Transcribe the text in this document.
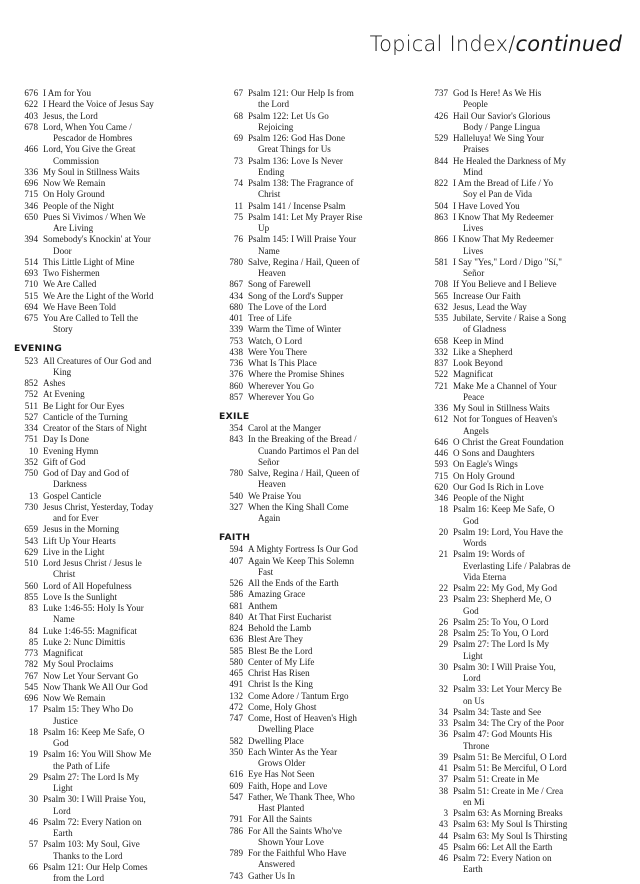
Topical Index/continued
676 I Am for You
622 I Heard the Voice of Jesus Say
403 Jesus, the Lord
678 Lord, When You Came /
Pescador de Hombres
466 Lord, You Give the Great
Commission
336 My Soul in Stillness Waits
696 Now We Remain
715 On Holy Ground
346 People of the Night
650 Pues Si Vivimos / When We
Are Living
394 Somebody's Knockin' at Your
Door
514 This Little Light of Mine
693 Two Fishermen
710 We Are Called
515 We Are the Light of the World
694 We Have Been Told
675 You Are Called to Tell the
Story
EVENING
523 All Creatures of Our God and
King
852 Ashes
752 At Evening
511 Be Light for Our Eyes
527 Canticle of the Turning
334 Creator of the Stars of Night
751 Day Is Done
10 Evening Hymn
352 Gift of God
750 God of Day and God of
Darkness
13 Gospel Canticle
730 Jesus Christ, Yesterday, Today
and for Ever
659 Jesus in the Morning
543 Lift Up Your Hearts
629 Live in the Light
510 Lord Jesus Christ / Jesus le
Christ
560 Lord of All Hopefulness
855 Love Is the Sunlight
83 Luke 1:46-55: Holy Is Your
Name
84 Luke 1:46-55: Magnificat
85 Luke 2: Nunc Dimittis
773 Magnificat
782 My Soul Proclaims
767 Now Let Your Servant Go
545 Now Thank We All Our God
696 Now We Remain
17 Psalm 15: They Who Do
Justice
18 Psalm 16: Keep Me Safe, O
God
19 Psalm 16: You Will Show Me
the Path of Life
29 Psalm 27: The Lord Is My
Light
30 Psalm 30: I Will Praise You,
Lord
46 Psalm 72: Every Nation on
Earth
57 Psalm 103: My Soul, Give
Thanks to the Lord
66 Psalm 121: Our Help Comes
from the Lord
67 Psalm 121: Our Help Is from
the Lord
68 Psalm 122: Let Us Go
Rejoicing
69 Psalm 126: God Has Done
Great Things for Us
73 Psalm 136: Love Is Never
Ending
74 Psalm 138: The Fragrance of
Christ
11 Psalm 141 / Incense Psalm
75 Psalm 141: Let My Prayer Rise
Up
76 Psalm 145: I Will Praise Your
Name
780 Salve, Regina / Hail, Queen of
Heaven
867 Song of Farewell
434 Song of the Lord's Supper
680 The Love of the Lord
401 Tree of Life
339 Warm the Time of Winter
753 Watch, O Lord
438 Were You There
736 What Is This Place
376 Where the Promise Shines
860 Wherever You Go
857 Wherever You Go
EXILE
354 Carol at the Manger
843 In the Breaking of the Bread /
Cuando Partimos el Pan del
Señor
780 Salve, Regina / Hail, Queen of
Heaven
540 We Praise You
327 When the King Shall Come
Again
FAITH
594 A Mighty Fortress Is Our God
407 Again We Keep This Solemn
Fast
526 All the Ends of the Earth
586 Amazing Grace
681 Anthem
840 At That First Eucharist
824 Behold the Lamb
636 Blest Are They
585 Blest Be the Lord
580 Center of My Life
465 Christ Has Risen
491 Christ Is the King
132 Come Adore / Tantum Ergo
472 Come, Holy Ghost
747 Come, Host of Heaven's High
Dwelling Place
582 Dwelling Place
350 Each Winter As the Year
Grows Older
616 Eye Has Not Seen
609 Faith, Hope and Love
547 Father, We Thank Thee, Who
Hast Planted
791 For All the Saints
786 For All the Saints Who've
Shown Your Love
789 For the Faithful Who Have
Answered
743 Gather Us In
737 God Is Here! As We His
People
426 Hail Our Savior's Glorious
Body / Pange Lingua
529 Halleluya! We Sing Your
Praises
844 He Healed the Darkness of My
Mind
822 I Am the Bread of Life / Yo
Soy el Pan de Vida
504 I Have Loved You
863 I Know That My Redeemer
Lives
866 I Know That My Redeemer
Lives
581 I Say "Yes," Lord / Digo "Sí,"
Señor
708 If You Believe and I Believe
565 Increase Our Faith
632 Jesus, Lead the Way
535 Jubilate, Servite / Raise a Song
of Gladness
658 Keep in Mind
332 Like a Shepherd
837 Look Beyond
522 Magnificat
721 Make Me a Channel of Your
Peace
336 My Soul in Stillness Waits
612 Not for Tongues of Heaven's
Angels
646 O Christ the Great Foundation
446 O Sons and Daughters
593 On Eagle's Wings
715 On Holy Ground
620 Our God Is Rich in Love
346 People of the Night
18 Psalm 16: Keep Me Safe, O
God
20 Psalm 19: Lord, You Have the
Words
21 Psalm 19: Words of
Everlasting Life / Palabras de
Vida Eterna
22 Psalm 22: My God, My God
23 Psalm 23: Shepherd Me, O
God
26 Psalm 25: To You, O Lord
28 Psalm 25: To You, O Lord
29 Psalm 27: The Lord Is My
Light
30 Psalm 30: I Will Praise You,
Lord
32 Psalm 33: Let Your Mercy Be
on Us
34 Psalm 34: Taste and See
33 Psalm 34: The Cry of the Poor
36 Psalm 47: God Mounts His
Throne
39 Psalm 51: Be Merciful, O Lord
41 Psalm 51: Be Merciful, O Lord
37 Psalm 51: Create in Me
38 Psalm 51: Create in Me / Crea
en Mi
3 Psalm 63: As Morning Breaks
43 Psalm 63: My Soul Is Thirsting
44 Psalm 63: My Soul Is Thirsting
45 Psalm 66: Let All the Earth
46 Psalm 72: Every Nation on
Earth
